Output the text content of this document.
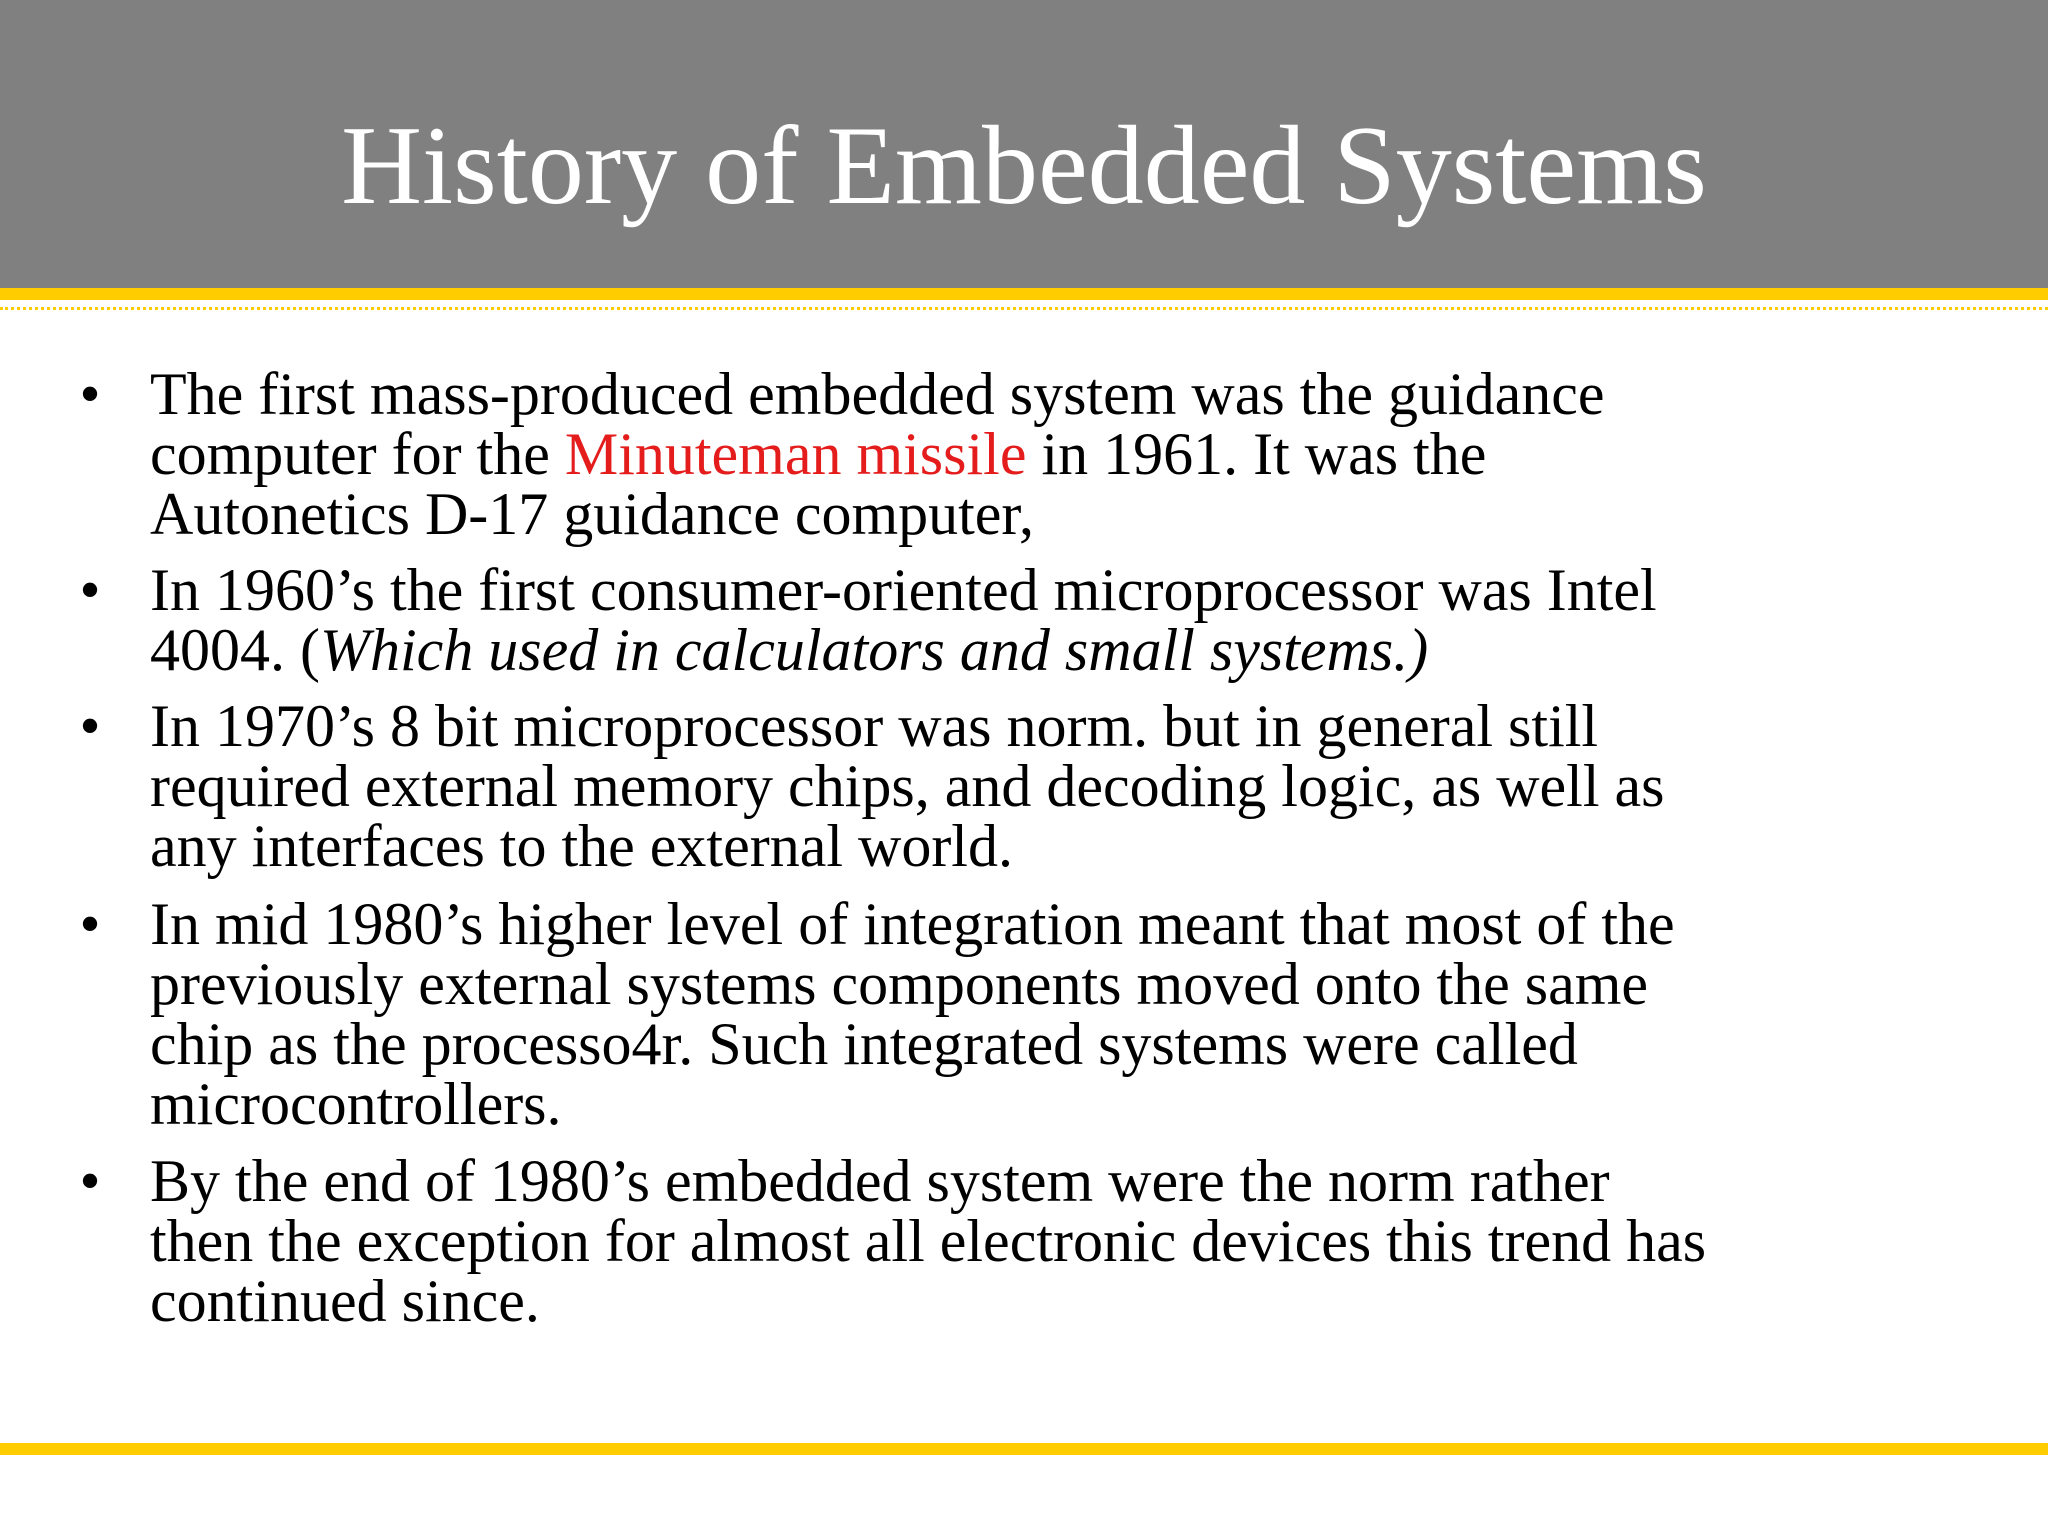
History of Embedded Systems
• The first mass-produced embedded system was the guidance
computer for the Minuteman missile in 1961. It was the
Autonetics D-17 guidance computer,
• In 1960’s the first consumer-oriented microprocessor was Intel
4004. (Which used in calculators and small systems.)
• In 1970’s 8 bit microprocessor was norm. but in general still
required external memory chips, and decoding logic, as well as
any interfaces to the external world.
• In mid 1980’s higher level of integration meant that most of the
previously external systems components moved onto the same
chip as the processo4r. Such integrated systems were called
microcontrollers.
• By the end of 1980’s embedded system were the norm rather
then the exception for almost all electronic devices this trend has
continued since.
